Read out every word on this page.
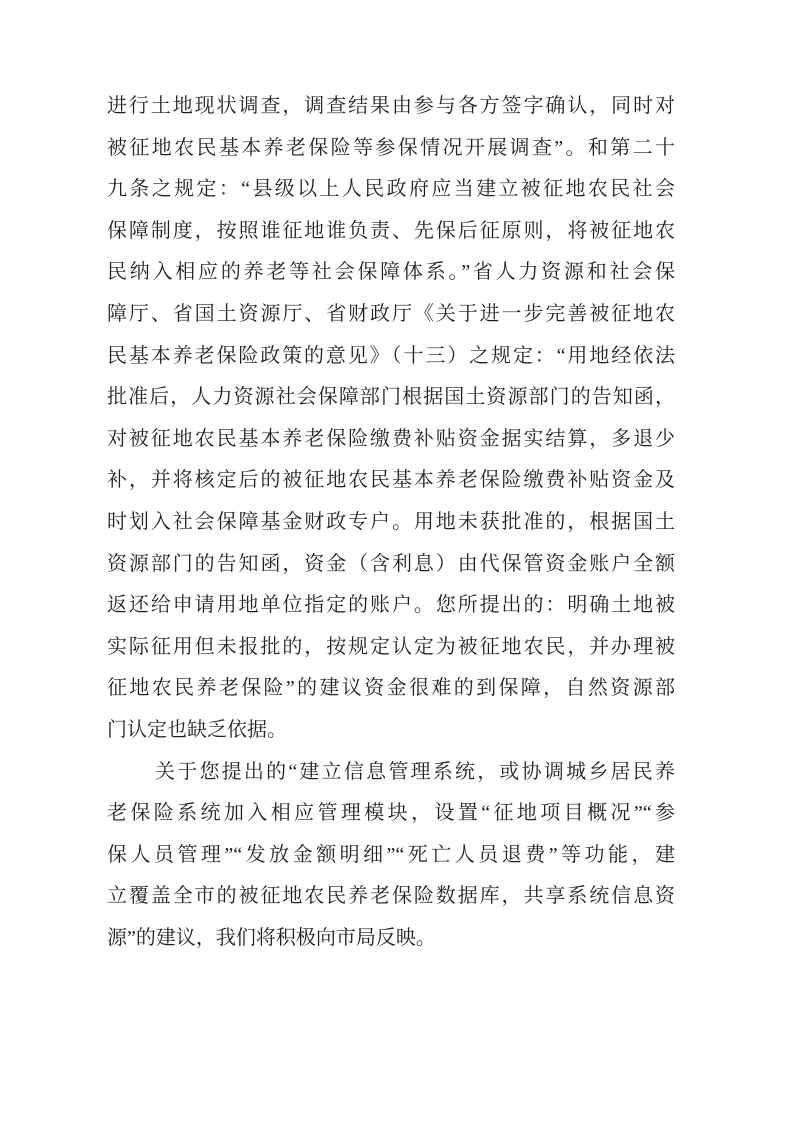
进行土地现状调查，调查结果由参与各方签字确认，同时对
被征地农民基本养老保险等参保情况开展调查”。和第二十
九条之规定：“县级以上人民政府应当建立被征地农民社会
保障制度，按照谁征地谁负责、先保后征原则，将被征地农
民纳入相应的养老等社会保障体系。”省人力资源和社会保
障厅、省国土资源厅、省财政厅《关于进一步完善被征地农
民基本养老保险政策的意见》（十三）之规定：“用地经依法
批准后，人力资源社会保障部门根据国土资源部门的告知函，
对被征地农民基本养老保险缴费补贴资金据实结算，多退少
补，并将核定后的被征地农民基本养老保险缴费补贴资金及
时划入社会保障基金财政专户。用地未获批准的，根据国土
资源部门的告知函，资金（含利息）由代保管资金账户全额
返还给申请用地单位指定的账户。您所提出的：明确土地被
实际征用但未报批的，按规定认定为被征地农民，并办理被
征地农民养老保险”的建议资金很难的到保障，自然资源部
门认定也缺乏依据。
关于您提出的“建立信息管理系统，或协调城乡居民养
老保险系统加入相应管理模块，设置“征地项目概况”“参
保人员管理”“发放金额明细”“死亡人员退费”等功能，建
立覆盖全市的被征地农民养老保险数据库，共享系统信息资
源”的建议，我们将积极向市局反映。
